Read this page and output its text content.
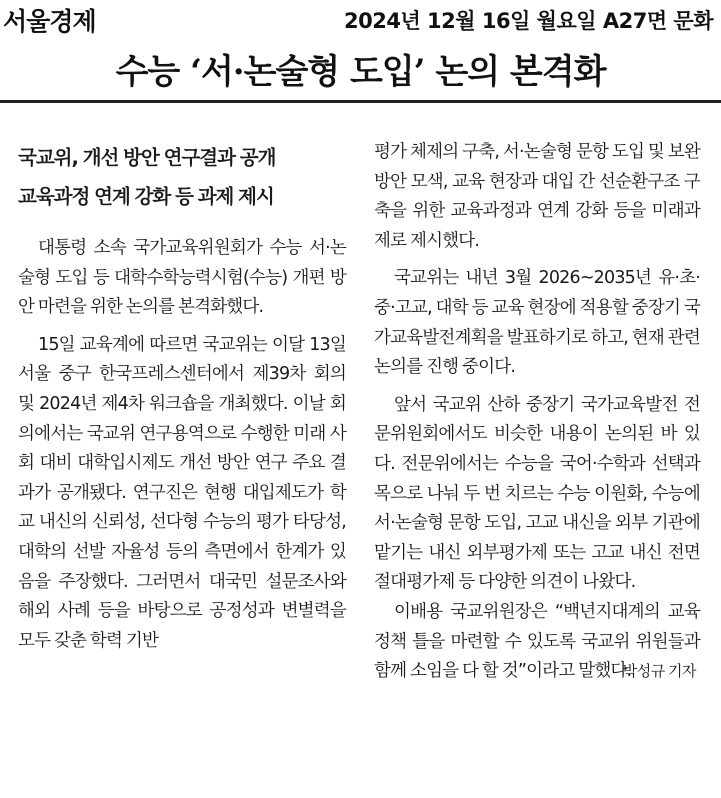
서울경제	2024년 12월 16일 월요일 A27면 문화
수능 ‘서·논술형 도입’ 논의 본격화
국교위, 개선 방안 연구결과 공개
교육과정 연계 강화 등 과제 제시

대통령 소속 국가교육위원회가 수능 서·논술형 도입 등 대학수학능력시험(수능) 개편 방안 마련을 위한 논의를 본격화했다.

15일 교육계에 따르면 국교위는 이달 13일 서울 중구 한국프레스센터에서 제39차 회의 및 2024년 제4차 워크숍을 개최했다. 이날 회의에서는 국교위 연구용역으로 수행한 미래 사회 대비 대학입시제도 개선 방안 연구 주요 결과가 공개됐다. 연구진은 현행 대입제도가 학교 내신의 신뢰성, 선다형 수능의 평가 타당성, 대학의 선발 자율성 등의 측면에서 한계가 있음을 주장했다. 그러면서 대국민 설문조사와 해외 사례 등을 바탕으로 공정성과 변별력을 모두 갖춘 학력 기반

평가 체제의 구축, 서·논술형 문항 도입 및 보완 방안 모색, 교육 현장과 대입 간 선순환구조 구축을 위한 교육과정과 연계 강화 등을 미래과제로 제시했다.

국교위는 내년 3월 2026~2035년 유·초·중·고교, 대학 등 교육 현장에 적용할 중장기 국가교육발전계획을 발표하기로 하고, 현재 관련 논의를 진행 중이다.

앞서 국교위 산하 중장기 국가교육발전 전문위원회에서도 비슷한 내용이 논의된 바 있다. 전문위에서는 수능을 국어·수학과 선택과목으로 나눠 두 번 치르는 수능 이원화, 수능에 서·논술형 문항 도입, 고교 내신을 외부 기관에 맡기는 내신 외부평가제 또는 고교 내신 전면 절대평가제 등 다양한 의견이 나왔다.

이배용 국교위원장은 “백년지대계의 교육정책 틀을 마련할 수 있도록 국교위 위원들과 함께 소임을 다 할 것”이라고 말했다.

박성규 기자
